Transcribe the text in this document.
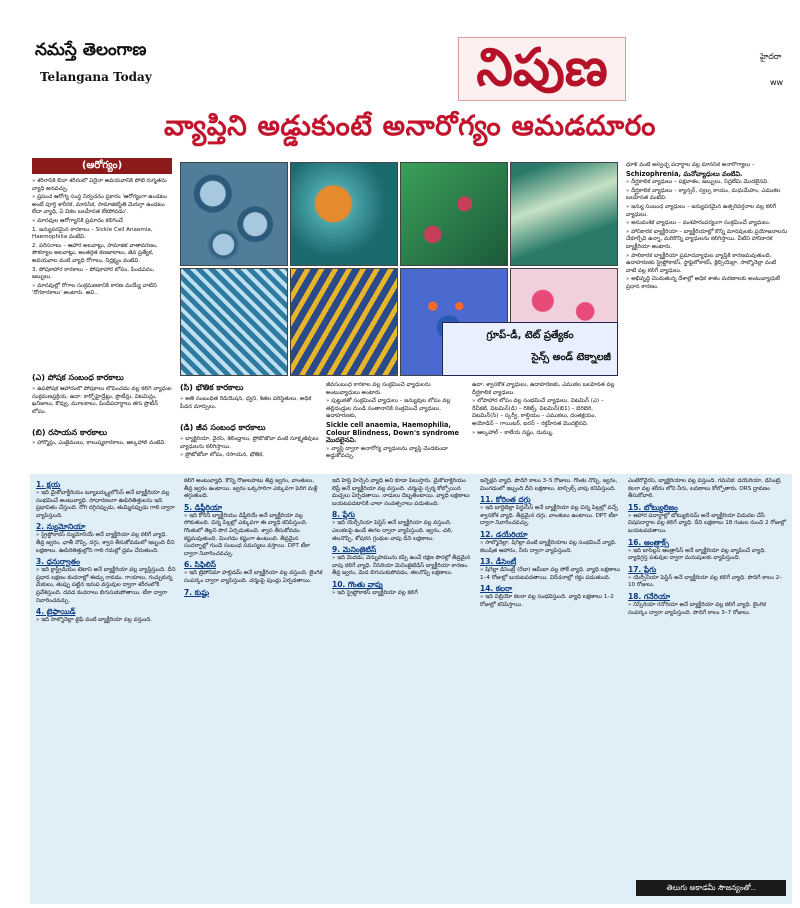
నమస్తే తెలంగాణ
Telangana Today	నిపుణ	హైదరా
ww
వ్యాప్తిని అడ్డుకుంటే అనారోగ్యం ఆమడదూరం
(ఆరోగ్యం)

» శరీరానికి బీదా శరీరంలో ఏదైనా అవయవానికి పోటే రుగ్మతను వ్యాధి అనవచ్చు.

» ప్రపంచ ఆరోగ్య సంస్థ నిర్వచనం ప్రకారం 'ఆరోగ్యంగా ఉండటం అంటే పూర్తి శారీరక, మానసిక, సామాజికస్థితి మెరుగ్గా ఉండటం లేదా వ్యాధి, ఏ వికల బలహీనత లేకపోవడం'.

» మానవుల ఆరోగ్యానికి ప్రమాదం కలిగించే

1. జన్యుపరమైన కారకాలు – Sickle Cell Anaemia, Haemophilia వంటివి.

2. పరిసరాలు – ఆహార అలవాట్లు, సామాజిక వాతావరణం, సౌకర్యాల అలవాట్లు, అంతర్గత కణజాలాలు, జీవ ప్రత్యేక, అవయవాల వంటి వ్యాధి రోగాలు, నిర్లక్ష్యం వంటివి.

3. పోషకాహార కారకాలు – పోషకాహార లోపం, పిండపదం, జబ్బులు.

» మానవుల్లో రోగాల సంక్రమణకానికి కారణ మయ్యే వాటిని 'రోగకారకాలు' అంటారు. అవి..

(ఎ) పోషక సంబంధ కారకాలు

» ఉపపోషక ఆహారంలో పోషకాలు లోపించడం వల్ల కలిగే వ్యాధుల సంక్రమణప్రక్రియ, ఉదా: కార్బోహైడ్రేట్లు, ప్రొటీన్లు, విటమిన్లు, ఖనిజాలు, కొవ్వు, మూలకాలు, పిండిపదార్థాలు తగు ప్రొటీన్ లోపం.

(బి) రసాయన కారకాలు

» హార్మోన్లు, ఎంజైములు, కాలుష్యకారకాలు, ఆల్కహాల్ వంటివి.

గ్రూప్-డీ, టెట్ ప్రత్యేకం
సైన్స్ అండ్ టెక్నాలజీ
(సి) భౌతిక కారకాలు

» అతి సంబంధిత రేడియేషన్, ధ్వని, శీతల పరిస్థితులు, అధిక పీడన మార్పులు.

(డి) జీవ సంబంధ కారకాలు

» బ్యాక్టీరియా, వైరస్, శిలీంధ్రాలు, ప్రోటోజోవా వంటి సూక్ష్మజీవులు వ్యాధులను కలిగిస్తాయి.

» ప్రోటోజోవా లోపం, రసాయన, భౌతిక,

జీవసంబంధ కారకాల వల్ల సంక్రమించే వ్యాధులను అంటువ్యాధులు అంటారు.

» పుట్టుకతో సంక్రమించే వ్యాధులు – జన్యువుల లోపం వల్ల తల్లిదండ్రుల నుండి సంతానానికి సంక్రమించే వ్యాధులు. ఉదాహరణకు,

Sickle cell anaemia, Haemophilia, Colour Blindness, Down's syndrome మొదలైనవి.

» వ్యాప్తి ద్వారా అనారోగ్య వ్యాధులను వ్యాప్తి చెందకుండా అడ్డుకోవచ్చు.

ఉదా: శ్వాసకోశ వ్యాధులు, ఉదాహరణకు, ఎముకల బలహీనత వల్ల దీర్ఘకాలిక వ్యాధులు.

» లోపాహార లోపం వల్ల సంభవించే వ్యాధులు. విటమిన్ (ఎ) – రేచీకటి, విటమిన్(డి) – రికెట్స్, విటమిన్(బి1) – బెరిబెరి, విటమిన్(సి) – స్కర్వీ, కాల్షియం – ఎముకలు, దంతక్షయం, అయోడిన్ – గాయిటర్, ఐరన్ – రక్తహీనత మొదలైనవి.

» ఆల్కహాల్ – కాలేయ నష్టం, దుమ్ము.

ధూళి వంటి అస్వచ్ఛ పదార్థాల వల్ల మానసిక అనారోగ్యాలు –

Schizophrenia, మనోవ్యాధులు వంటివి.

» దీర్ఘకాలిక వ్యాధులు – పక్షవాతం, జబ్బులు, నిద్రలేమి మొదలైనవి.

» దీర్ఘకాలిక వ్యాధులు – క్యాన్సర్, స్వల్ప కాయం, మధుమేహం, ఎముకల బలహీనత వంటివి.

» జన్యు సంబంధ వ్యాధులు – జన్యుపరమైన ఉత్పరివర్తనాల వల్ల కలిగే వ్యాధులు.

» అనువంశిక వ్యాధులు – వంశపారంపర్యంగా సంక్రమించే వ్యాధులు.

» హానికారక బ్యాక్టీరియా – బ్యాక్టీరియాల్లో కొన్ని మానవులకు ప్రయోజనాలను చేకూర్చేవి ఉన్నా, మరికొన్ని వ్యాధులను కలిగిస్తాయి. వీటిని హానికారక బ్యాక్టీరియా అంటారు.

» పాలికారక బ్యాక్టీరియా ప్రమాదవ్యాధుల వ్యాప్తికి కారణమవుతుంది. ఉదాహరణకు స్ట్రెప్టోకాకస్, స్టాఫైలోకాకస్, క్లెబ్సియెల్లా, సాల్మొనెల్లా వంటి వాటి వల్ల కలిగే వ్యాధులు.

» అభివృద్ధి చెందుతున్న దేశాల్లో అధిక శాతం మరణాలకు అంటువ్యాధులే ప్రధాన కారణం.

1. క్షయ

» ఇది మైకోబాక్టీరియం ట్యూబర్క్యులోసిస్ అనే బ్యాక్టీరియా వల్ల సంభవించే అంటువ్యాధి. సాధారణంగా ఊపిరితిత్తులను ఇది ప్రభావితం చేస్తుంది. రోగి దగ్గినప్పుడు, తుమ్మినప్పుడు గాలి ద్వారా వ్యాపిస్తుంది.

2. న్యుమోనియా

» స్ట్రెప్టోకాకస్ న్యుమోనియే అనే బ్యాక్టీరియా వల్ల కలిగే వ్యాధి. తీవ్ర జ్వరం, ఛాతీ నొప్పి, దగ్గు, శ్వాస తీసుకోవడంలో ఇబ్బంది దీని లక్షణాలు. ఊపిరితిత్తుల్లోని గాలి గదుల్లో ద్రవం చేరుతుంది.

3. ధనుర్వాతం

» ఇది క్లాస్ట్రీడియం టెటాని అనే బ్యాక్టీరియా వల్ల వ్యాప్తిస్తుంది. దీని ప్రధాన లక్షణం కండరాల్లో ఈడ్పు రావడం. గాయాలు, గుచ్చుకున్న మేకులు, తుప్పు పట్టిన ఇనుప వస్తువుల ద్వారా శరీరంలోకి ప్రవేశిస్తుంది. దవడ కండరాలు బిగుసుకుపోతాయి. టీకా ద్వారా నివారించవచ్చు.

4. టైఫాయిడ్

» ఇది సాల్మొనెల్లా టైఫి వంటి బ్యాక్టీరియా వల్ల వస్తుంది.

కలిగే అంటువ్యాధి. కొన్ని రోజులపాటు తీవ్ర జ్వరం, వాంతులు, తీవ్ర జ్వరం ఉంటాయి. జ్వరం ఒక్కసారిగా ఎక్కువగా పెరిగి మళ్లీ తగ్గుతుంది.

5. డిఫ్తీరియా

» ఇది కొరినీ బ్యాక్టీరియం డిఫ్తీరియే అనే బ్యాక్టీరియా వల్ల సోకుతుంది. చిన్న పిల్లల్లో ఎక్కువగా ఈ వ్యాధి కనిపిస్తుంది. గొంతులో తెల్లని పొర ఏర్పడుతుంది. శ్వాస తీసుకోవడం కష్టమవుతుంది. మింగడం కష్టంగా ఉంటుంది. తీవ్రమైన సందర్భాల్లో గుండె సంబంధ సమస్యలు వస్తాయి. DPT టీకా ద్వారా నివారించవచ్చు.

6. సిఫిలిస్

» ఇది ట్రెపోనిమా పాల్లిడమ్ అనే బ్యాక్టీరియా వల్ల వస్తుంది. లైంగిక సంపర్కం ద్వారా వ్యాపిస్తుంది. చర్మంపై పుండ్లు ఏర్పడతాయి.

7. కుష్టు

ఇది హెప్రె హెన్సెన్ వ్యాధి అని కూడా పిలుస్తారు. మైకోబాక్టీరియం లెప్రే అనే బ్యాక్టీరియా వల్ల వస్తుంది. చర్మంపై స్పర్శ కోల్పోయిన మచ్చలు ఏర్పడతాయి. నాడులు దెబ్బతింటాయి. వ్యాధి లక్షణాలు బయటపడటానికి చాలా సంవత్సరాలు పడుతుంది.

8. ప్లేగు

» ఇది యెర్సీనియా పెస్టిస్ అనే బ్యాక్టీరియా వల్ల వస్తుంది. ఎలుకలపై ఉండే ఈగల ద్వారా వ్యాపిస్తుంది. జ్వరం, చలి, తలనొప్పి, శోషరస గ్రంథుల వాపు దీని లక్షణాలు.

9. మెనింజైటిస్

» ఇది మెదడు, వెన్నుపామును కప్పి ఉంచే రక్షణ పొరల్లో తీవ్రమైన వాపు కలిగే వ్యాధి. నీసెరియా మెనింజైటిడిస్ బ్యాక్టీరియా కారణం. తీవ్ర జ్వరం, మెడ బిగుసుకుపోవడం, తలనొప్పి లక్షణాలు.

10. గొంతు వాపు

» ఇది స్ట్రెప్టోకాకస్ బ్యాక్టీరియా వల్ల కలిగే

ఇన్ఫెక్షన్ వ్యాధి. పొదిగే కాలం 3–5 రోజులు. గొంతు నొప్పి, జ్వరం, మింగడంలో ఇబ్బంది దీని లక్షణాలు. టాన్సిల్స్ వాపు కనిపిస్తుంది.

11. కోరింత దగ్గు

» ఇది బార్డెటెల్లా పెర్టుసిస్ అనే బ్యాక్టీరియా వల్ల చిన్న పిల్లల్లో వచ్చే శ్వాసకోశ వ్యాధి. తీవ్రమైన దగ్గు, వాంతులు ఉంటాయి. DPT టీకా ద్వారా నివారించవచ్చు.

12. డయేరియా

» సాల్మొనెల్లా, షిగెల్లా వంటి బ్యాక్టీరియాల వల్ల సంభవించే వ్యాధి. కలుషిత ఆహారం, నీరు ద్వారా వ్యాపిస్తుంది.

13. డీసెంట్రీ

» షిగెల్లా డిసెంట్రీ (రేడా) ఆమీబా వల్ల సోకే వ్యాధి. వ్యాధి లక్షణాలు 1–4 రోజుల్లో బయటపడతాయి. విరేచనాల్లో రక్తం పడుతుంది.

14. కలరా

» ఇది విబ్రియో కలరా వల్ల సంభవిస్తుంది. వ్యాధి లక్షణాలు 1–2 రోజుల్లో కనిపిస్తాయి.

ఎంటెరోవైరస్, బ్యాక్టీరియాల వల్ల వస్తుంది. గమనిక: డయేరియా, డీసెంట్రీ, కలరా వల్ల శరీరం లోని నీరు, లవణాలు కోల్పోతారు. ORS ద్రావణం తీసుకోవాలి.

15. బోట్యులిజం

» ఆహార పదార్థాల్లో బోట్యులినమ్ అనే బ్యాక్టీరియా విడుదల చేసే విషపదార్థాల వల్ల కలిగే వ్యాధి. దీని లక్షణాలు 18 గంటల నుంచి 2 రోజుల్లో బయటపడతాయి.

16. ఆంత్రాక్స్

» ఇది బాసిల్లస్ ఆంత్రాసిస్ అనే బ్యాక్టీరియా వల్ల వ్యాపించే వ్యాధి. వ్యాధిగ్రస్త పశువుల ద్వారా మనుషులకు వ్యాపిస్తుంది.

17. ప్లేగు

» యెర్సీనియా పెస్టిస్ అనే బ్యాక్టీరియా వల్ల కలిగే వ్యాధి. పొదిగే కాలం 2–10 రోజులు.

18. గనేరియా

» నిస్సేరియా గనోరియా అనే బ్యాక్టీరియా వల్ల కలిగే వ్యాధి. లైంగిక సంపర్కం ద్వారా వ్యాపిస్తుంది. పొదిగే కాలం 3–7 రోజులు.

తెలుగు అకాడమీ సౌజన్యంతో..
